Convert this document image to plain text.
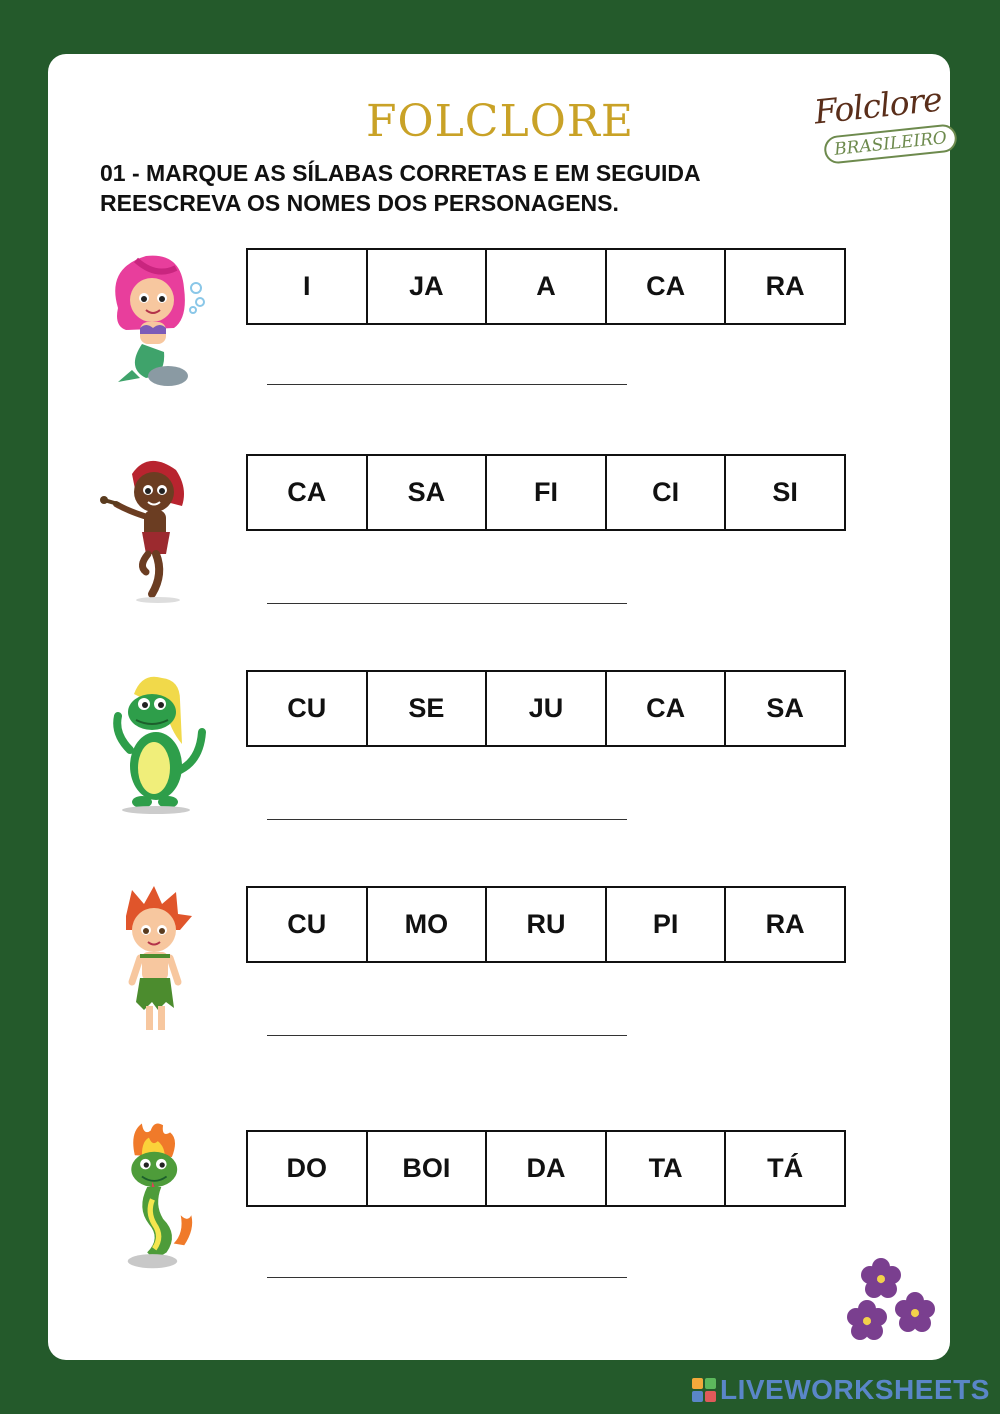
FOLCLORE	Folclore
BRASILEIRO
01 - MARQUE AS SÍLABAS CORRETAS E EM SEGUIDA REESCREVA OS NOMES DOS PERSONAGENS.
I	JA	A	CA	RA
CA	SA	FI	CI	SI
CU	SE	JU	CA	SA
CU	MO	RU	PI	RA
DO	BOI	DA	TA	TÁ
LIVEWORKSHEETS
